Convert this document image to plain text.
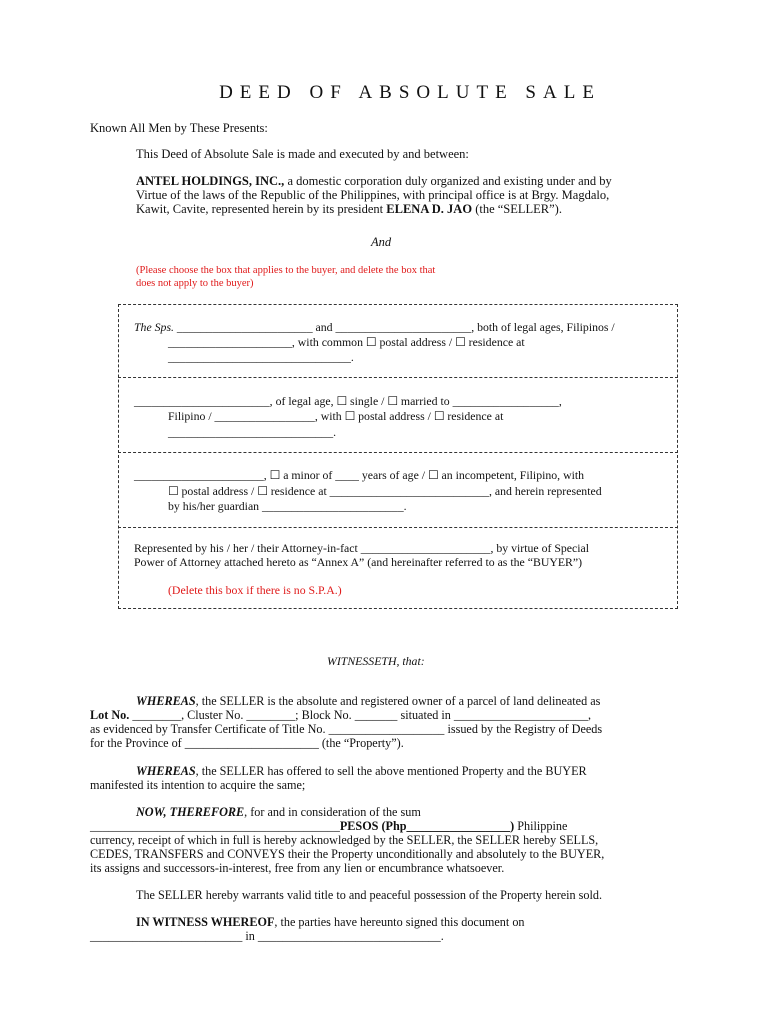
DEED OF ABSOLUTE SALE
Known All Men by These Presents:
This Deed of Absolute Sale is made and executed by and between:
ANTEL HOLDINGS, INC., a domestic corporation duly organized and existing under and by
Virtue of the laws of the Republic of the Philippines, with principal office is at Brgy. Magdalo,
Kawit, Cavite, represented herein by its president ELENA D. JAO (the “SELLER”).
And
(Please choose the box that applies to the buyer, and delete the box that
does not apply to the buyer)
The Sps. _______________________ and _______________________, both of legal ages, Filipinos /
_____________________, with common ☐ postal address / ☐ residence at
_______________________________.
_______________________, of legal age, ☐ single / ☐ married to __________________,
Filipino / _________________, with ☐ postal address / ☐ residence at
____________________________.
______________________, ☐ a minor of ____ years of age / ☐ an incompetent, Filipino, with
☐ postal address / ☐ residence at ___________________________, and herein represented
by his/her guardian ________________________.
Represented by his / her / their Attorney-in-fact ______________________, by virtue of Special
Power of Attorney attached hereto as “Annex A” (and hereinafter referred to as the “BUYER”)
(Delete this box if there is no S.P.A.)
WITNESSETH, that:
WHEREAS, the SELLER is the absolute and registered owner of a parcel of land delineated as
Lot No. ________, Cluster No. ________; Block No. _______ situated in ______________________,
as evidenced by Transfer Certificate of Title No. ___________________ issued by the Registry of Deeds
for the Province of ______________________ (the “Property”).
WHEREAS, the SELLER has offered to sell the above mentioned Property and the BUYER
manifested its intention to acquire the same;
NOW, THEREFORE, for and in consideration of the sum
_________________________________________PESOS (Php_________________) Philippine
currency, receipt of which in full is hereby acknowledged by the SELLER, the SELLER hereby SELLS,
CEDES, TRANSFERS and CONVEYS their the Property unconditionally and absolutely to the BUYER,
its assigns and successors-in-interest, free from any lien or encumbrance whatsoever.
The SELLER hereby warrants valid title to and peaceful possession of the Property herein sold.
IN WITNESS WHEREOF, the parties have hereunto signed this document on
_________________________ in ______________________________.
